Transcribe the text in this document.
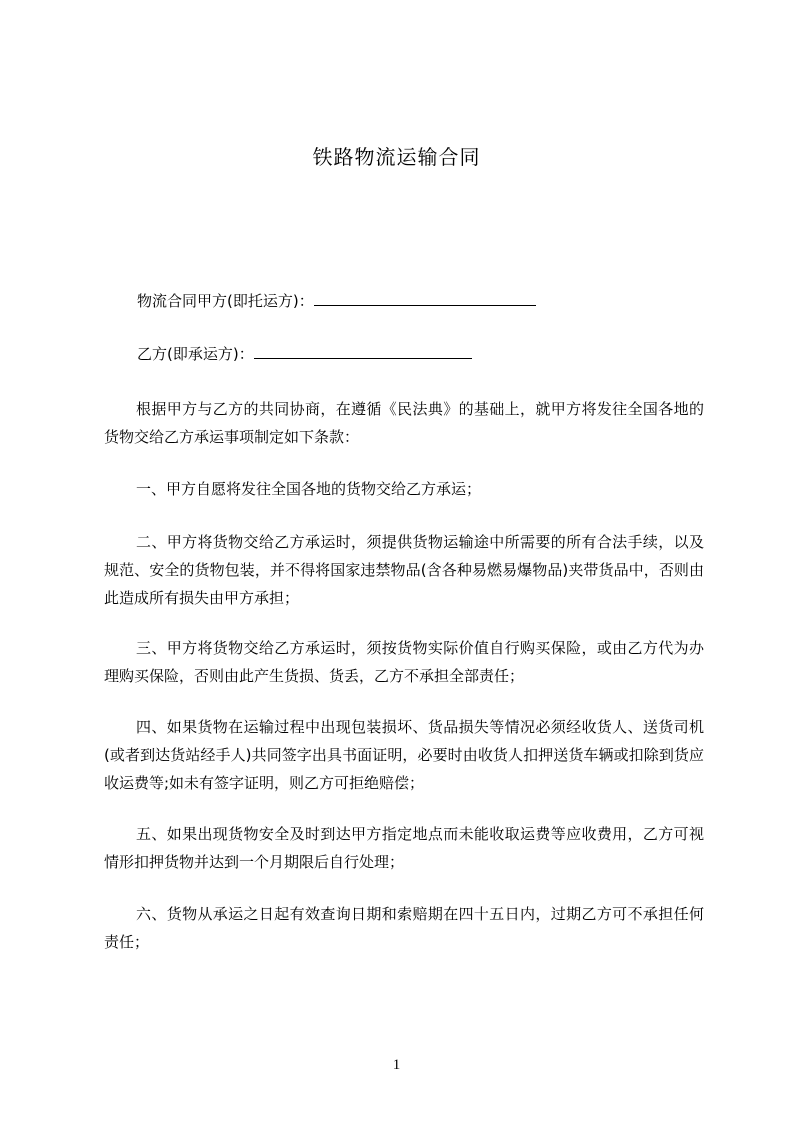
铁路物流运输合同
物流合同甲方(即托运方)：
乙方(即承运方)：

根据甲方与乙方的共同协商，在遵循《民法典》的基础上，就甲方将发往全国各地的货物交给乙方承运事项制定如下条款：

一、甲方自愿将发往全国各地的货物交给乙方承运；

二、甲方将货物交给乙方承运时，须提供货物运输途中所需要的所有合法手续，以及规范、安全的货物包装，并不得将国家违禁物品(含各种易燃易爆物品)夹带货品中，否则由此造成所有损失由甲方承担；

三、甲方将货物交给乙方承运时，须按货物实际价值自行购买保险，或由乙方代为办理购买保险，否则由此产生货损、货丢，乙方不承担全部责任；

四、如果货物在运输过程中出现包装损坏、货品损失等情况必须经收货人、送货司机(或者到达货站经手人)共同签字出具书面证明，必要时由收货人扣押送货车辆或扣除到货应收运费等;如未有签字证明，则乙方可拒绝赔偿；

五、如果出现货物安全及时到达甲方指定地点而未能收取运费等应收费用，乙方可视情形扣押货物并达到一个月期限后自行处理；

六、货物从承运之日起有效查询日期和索赔期在四十五日内，过期乙方可不承担任何责任；

1
